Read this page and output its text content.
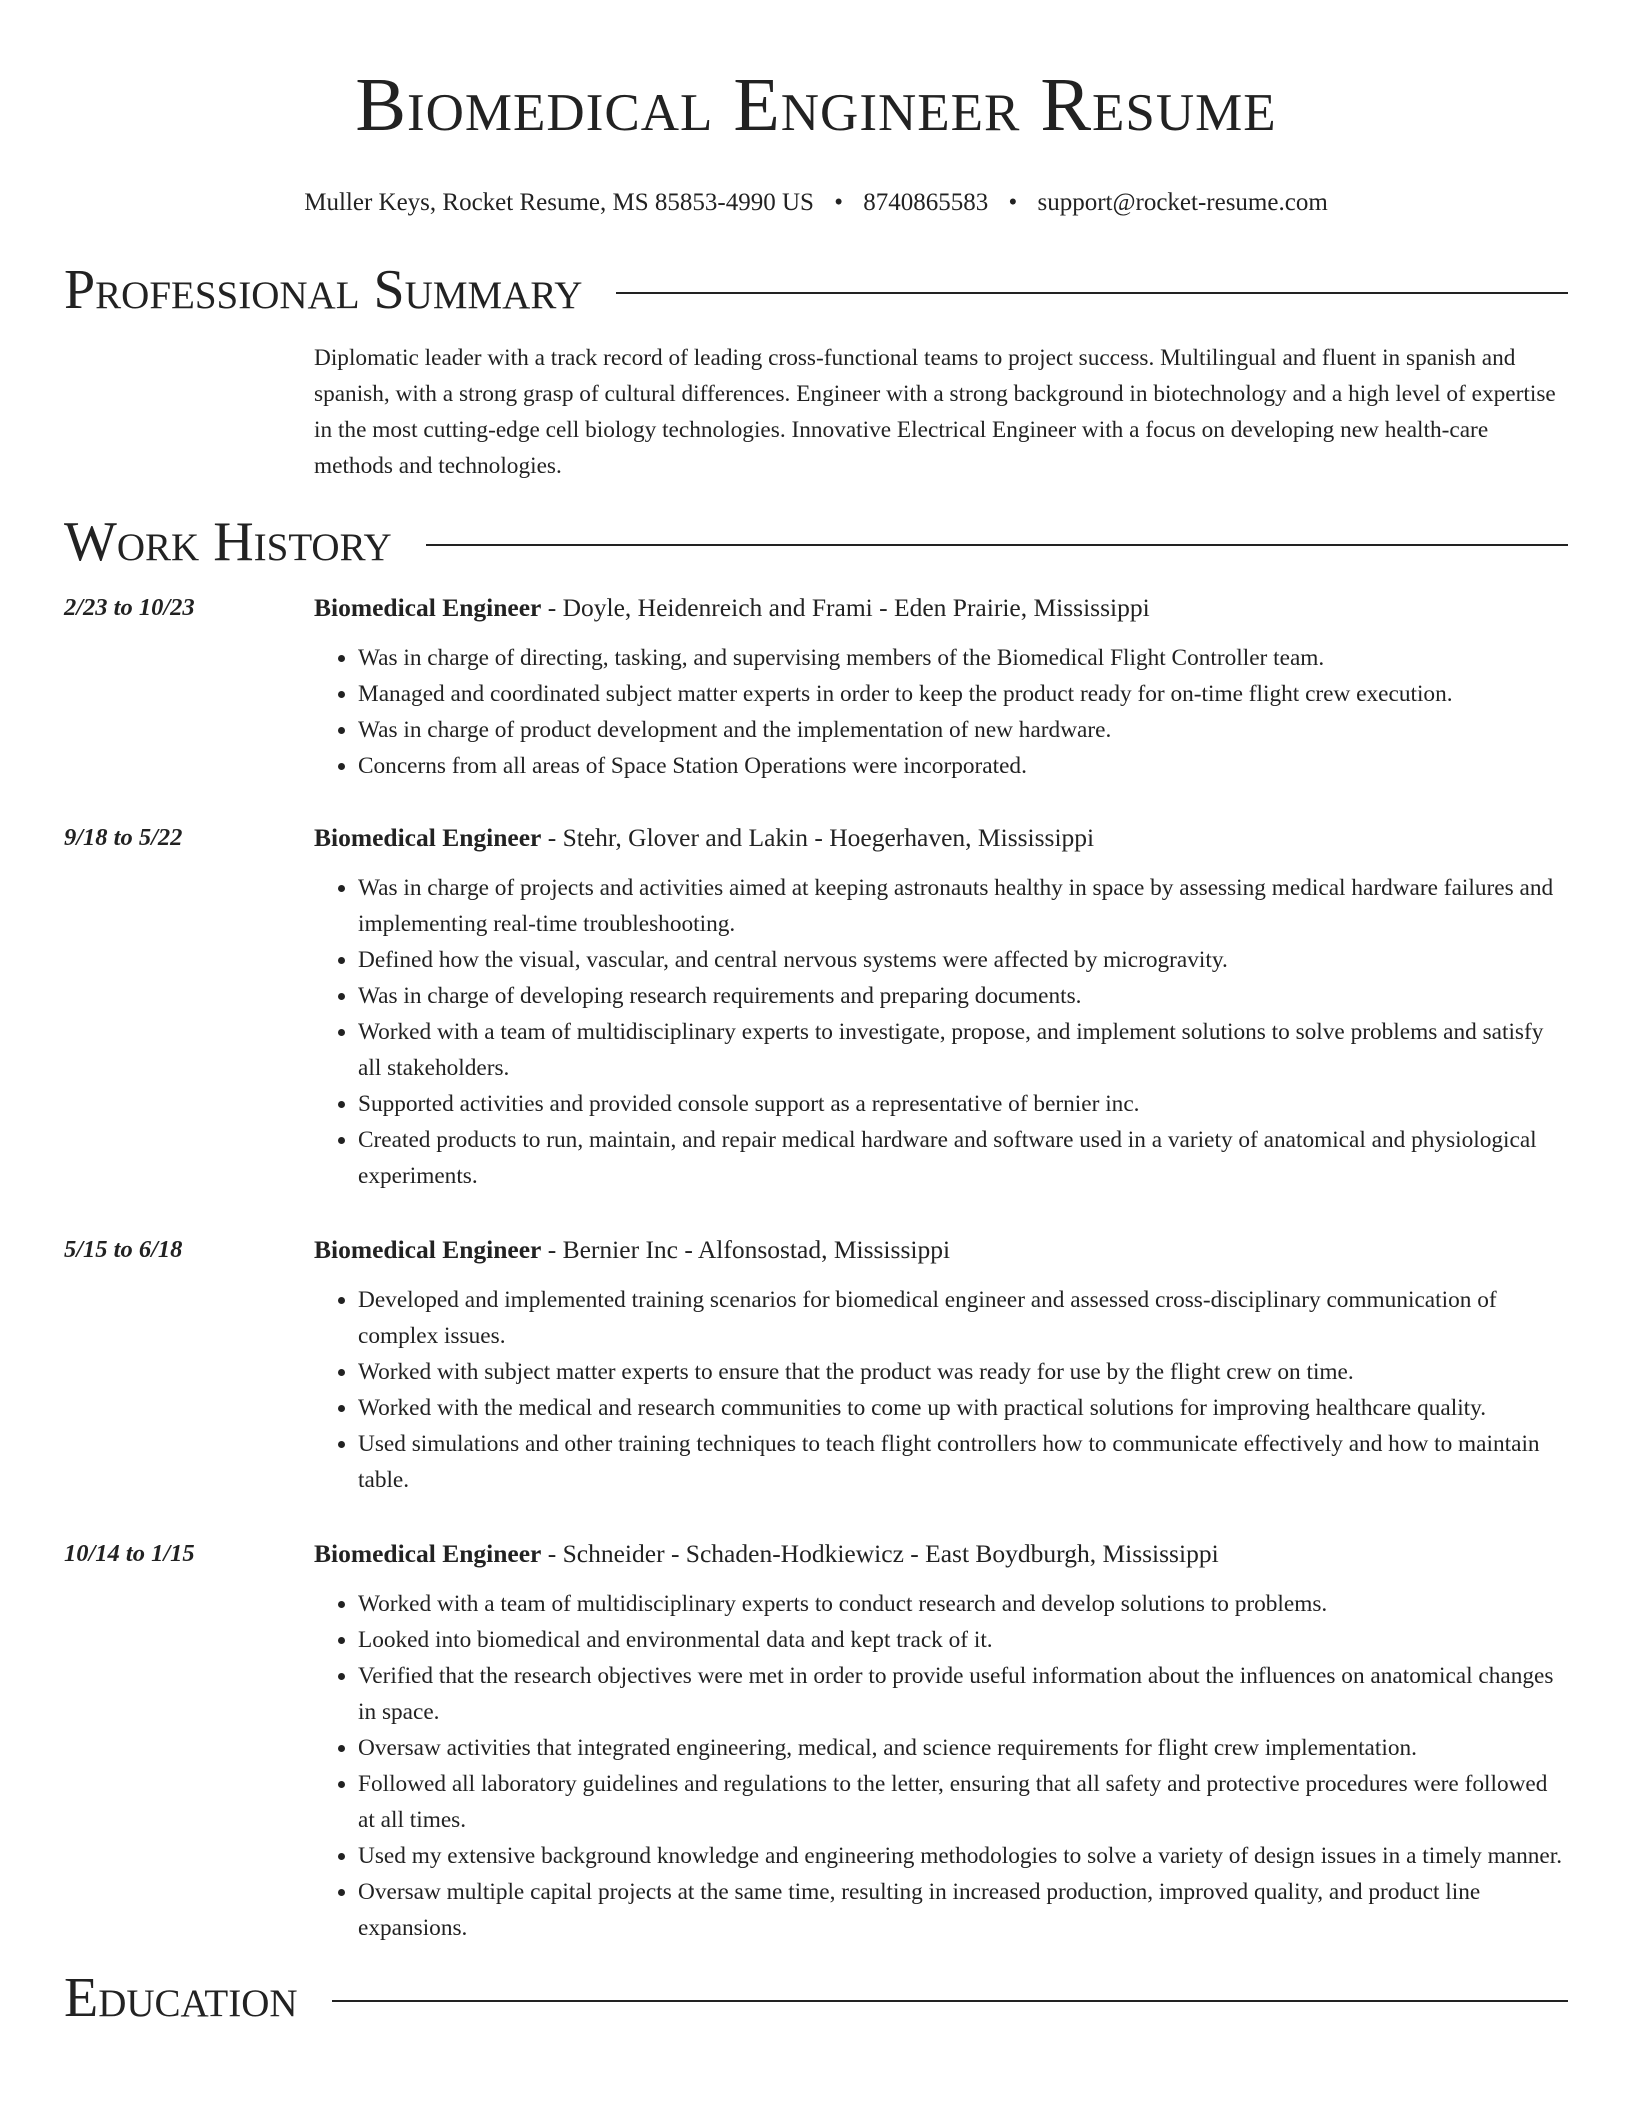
Biomedical Engineer Resume
Muller Keys, Rocket Resume, MS 85853-4990 US • 8740865583 • support@rocket-resume.com
Professional Summary
Diplomatic leader with a track record of leading cross-functional teams to project success. Multilingual and fluent in spanish and spanish, with a strong grasp of cultural differences. Engineer with a strong background in biotechnology and a high level of expertise in the most cutting-edge cell biology technologies. Innovative Electrical Engineer with a focus on developing new health-care methods and technologies.
Work History
2/23 to 10/23	Biomedical Engineer - Doyle, Heidenreich and Frami - Eden Prairie, Mississippi
• Was in charge of directing, tasking, and supervising members of the Biomedical Flight Controller team.
• Managed and coordinated subject matter experts in order to keep the product ready for on-time flight crew execution.
• Was in charge of product development and the implementation of new hardware.
• Concerns from all areas of Space Station Operations were incorporated.
9/18 to 5/22	Biomedical Engineer - Stehr, Glover and Lakin - Hoegerhaven, Mississippi
• Was in charge of projects and activities aimed at keeping astronauts healthy in space by assessing medical hardware failures and implementing real-time troubleshooting.
• Defined how the visual, vascular, and central nervous systems were affected by microgravity.
• Was in charge of developing research requirements and preparing documents.
• Worked with a team of multidisciplinary experts to investigate, propose, and implement solutions to solve problems and satisfy all stakeholders.
• Supported activities and provided console support as a representative of bernier inc.
• Created products to run, maintain, and repair medical hardware and software used in a variety of anatomical and physiological experiments.
5/15 to 6/18	Biomedical Engineer - Bernier Inc - Alfonsostad, Mississippi
• Developed and implemented training scenarios for biomedical engineer and assessed cross-disciplinary communication of complex issues.
• Worked with subject matter experts to ensure that the product was ready for use by the flight crew on time.
• Worked with the medical and research communities to come up with practical solutions for improving healthcare quality.
• Used simulations and other training techniques to teach flight controllers how to communicate effectively and how to maintain table.
10/14 to 1/15	Biomedical Engineer - Schneider - Schaden-Hodkiewicz - East Boydburgh, Mississippi
• Worked with a team of multidisciplinary experts to conduct research and develop solutions to problems.
• Looked into biomedical and environmental data and kept track of it.
• Verified that the research objectives were met in order to provide useful information about the influences on anatomical changes in space.
• Oversaw activities that integrated engineering, medical, and science requirements for flight crew implementation.
• Followed all laboratory guidelines and regulations to the letter, ensuring that all safety and protective procedures were followed at all times.
• Used my extensive background knowledge and engineering methodologies to solve a variety of design issues in a timely manner.
• Oversaw multiple capital projects at the same time, resulting in increased production, improved quality, and product line expansions.
Education
